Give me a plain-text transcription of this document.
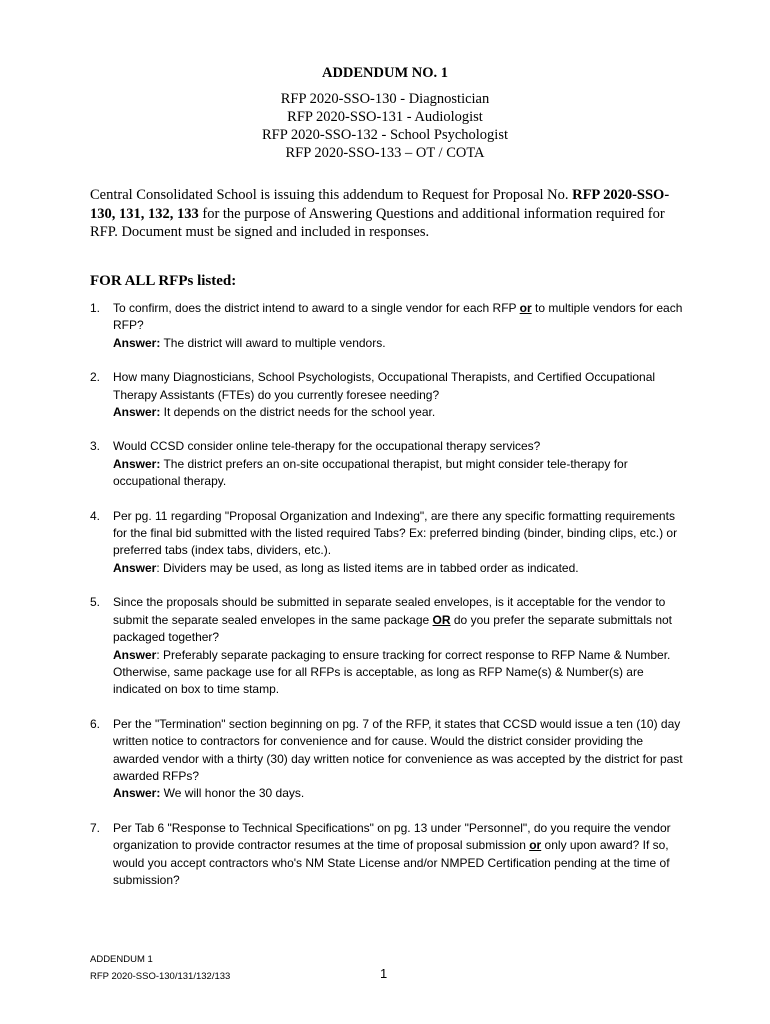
ADDENDUM NO. 1
RFP 2020-SSO-130 - Diagnostician
RFP 2020-SSO-131 - Audiologist
RFP 2020-SSO-132 - School Psychologist
RFP 2020-SSO-133 – OT / COTA
Central Consolidated School is issuing this addendum to Request for Proposal No. RFP 2020-SSO-130, 131, 132, 133 for the purpose of Answering Questions and additional information required for RFP. Document must be signed and included in responses.
FOR ALL RFPs listed:
1. To confirm, does the district intend to award to a single vendor for each RFP or to multiple vendors for each RFP?
Answer: The district will award to multiple vendors.
2. How many Diagnosticians, School Psychologists, Occupational Therapists, and Certified Occupational Therapy Assistants (FTEs) do you currently foresee needing?
Answer: It depends on the district needs for the school year.
3. Would CCSD consider online tele-therapy for the occupational therapy services?
Answer: The district prefers an on-site occupational therapist, but might consider tele-therapy for occupational therapy.
4. Per pg. 11 regarding "Proposal Organization and Indexing", are there any specific formatting requirements for the final bid submitted with the listed required Tabs? Ex: preferred binding (binder, binding clips, etc.) or preferred tabs (index tabs, dividers, etc.).
Answer: Dividers may be used, as long as listed items are in tabbed order as indicated.
5. Since the proposals should be submitted in separate sealed envelopes, is it acceptable for the vendor to submit the separate sealed envelopes in the same package OR do you prefer the separate submittals not packaged together?
Answer: Preferably separate packaging to ensure tracking for correct response to RFP Name & Number. Otherwise, same package use for all RFPs is acceptable, as long as RFP Name(s) & Number(s) are indicated on box to time stamp.
6. Per the "Termination" section beginning on pg. 7 of the RFP, it states that CCSD would issue a ten (10) day written notice to contractors for convenience and for cause. Would the district consider providing the awarded vendor with a thirty (30) day written notice for convenience as was accepted by the district for past awarded RFPs?
Answer: We will honor the 30 days.
7. Per Tab 6 "Response to Technical Specifications" on pg. 13 under "Personnel", do you require the vendor organization to provide contractor resumes at the time of proposal submission or only upon award? If so, would you accept contractors who's NM State License and/or NMPED Certification pending at the time of submission?
ADDENDUM 1
RFP 2020-SSO-130/131/132/133	1
